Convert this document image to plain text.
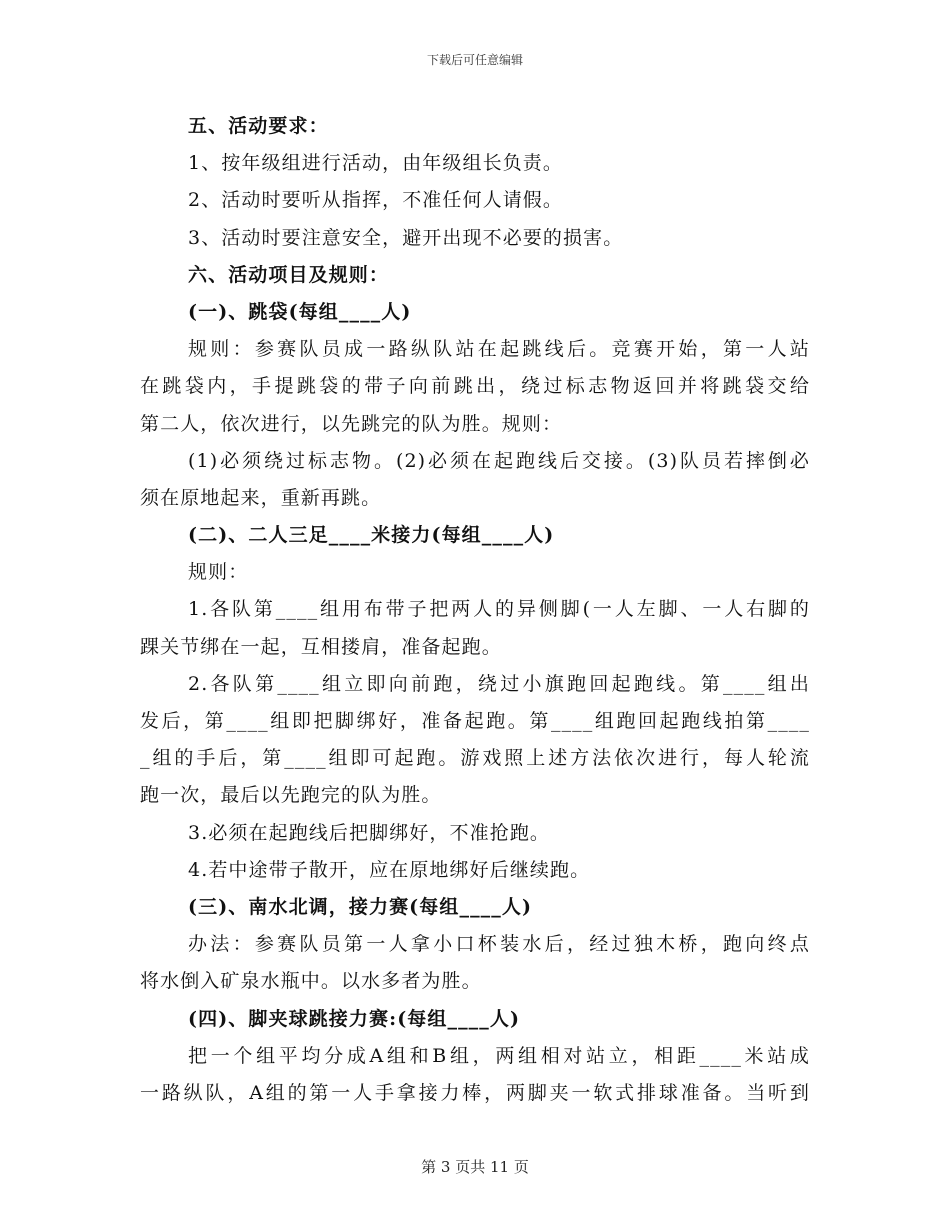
下载后可任意编辑
五、活动要求：
1、按年级组进行活动，由年级组长负责。
2、活动时要听从指挥，不准任何人请假。
3、活动时要注意安全，避开出现不必要的损害。
六、活动项目及规则：
(一)、跳袋(每组____人)
规则：参赛队员成一路纵队站在起跳线后。竞赛开始，第一人站
在跳袋内，手提跳袋的带子向前跳出，绕过标志物返回并将跳袋交给
第二人，依次进行，以先跳完的队为胜。规则：
(1)必须绕过标志物。(2)必须在起跑线后交接。(3)队员若摔倒必
须在原地起来，重新再跳。
(二)、二人三足____米接力(每组____人)
规则：
1.各队第____组用布带子把两人的异侧脚(一人左脚、一人右脚的
踝关节绑在一起，互相搂肩，准备起跑。
2.各队第____组立即向前跑，绕过小旗跑回起跑线。第____组出
发后，第____组即把脚绑好，准备起跑。第____组跑回起跑线拍第____
_组的手后，第____组即可起跑。游戏照上述方法依次进行，每人轮流
跑一次，最后以先跑完的队为胜。
3.必须在起跑线后把脚绑好，不准抢跑。
4.若中途带子散开，应在原地绑好后继续跑。
(三)、南水北调，接力赛(每组____人)
办法：参赛队员第一人拿小口杯装水后，经过独木桥，跑向终点
将水倒入矿泉水瓶中。以水多者为胜。
(四)、脚夹球跳接力赛:(每组____人)
把一个组平均分成A组和B组，两组相对站立，相距____米站成
一路纵队，A组的第一人手拿接力棒，两脚夹一软式排球准备。当听到
第 3 页共 11 页
